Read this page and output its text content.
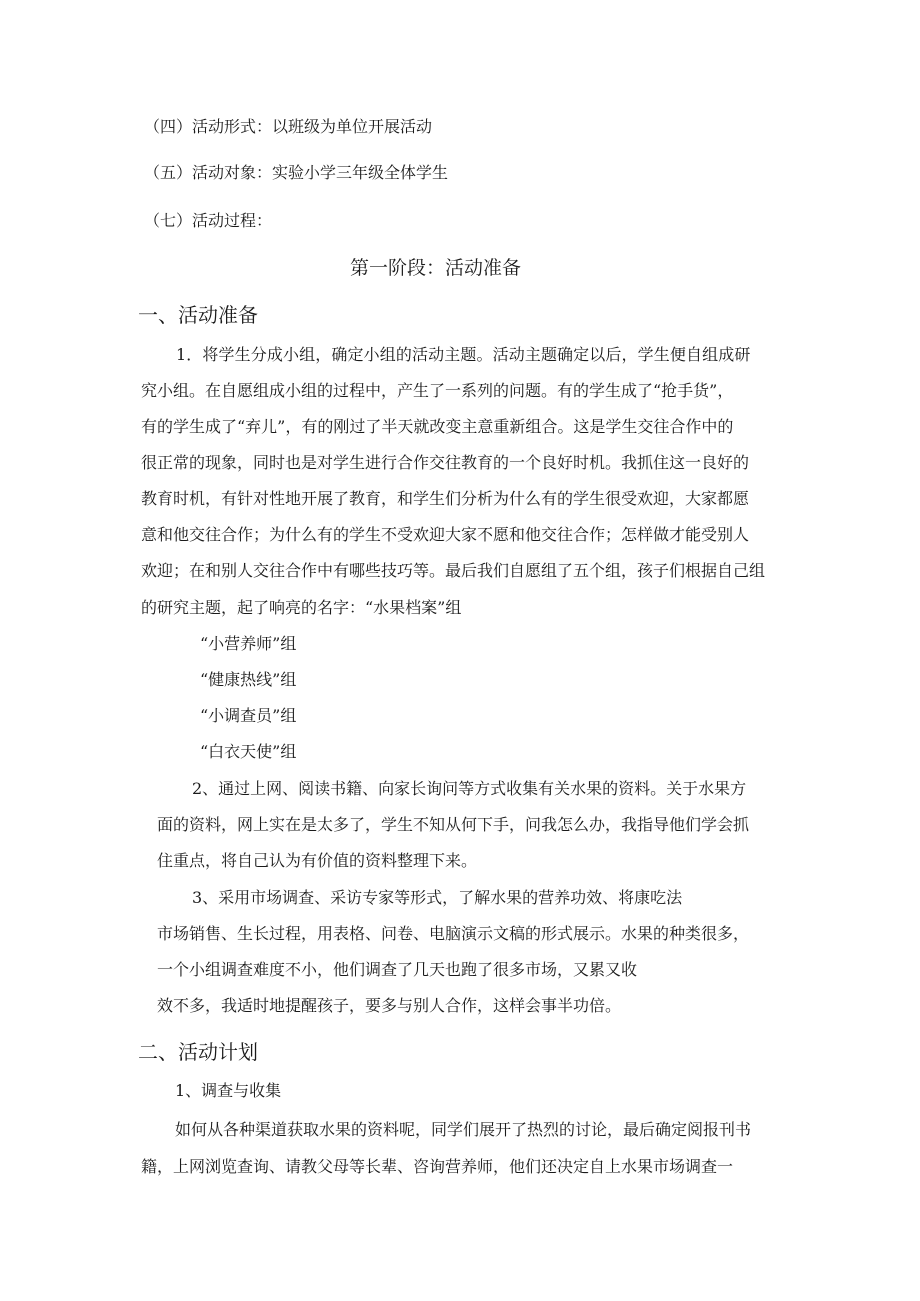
（四）活动形式：以班级为单位开展活动
（五）活动对象：实验小学三年级全体学生
（七）活动过程：
第一阶段：活动准备
一、活动准备
1．将学生分成小组，确定小组的活动主题。活动主题确定以后，学生便自组成研
究小组。在自愿组成小组的过程中，产生了一系列的问题。有的学生成了“抢手货”，
有的学生成了“弃儿”，有的刚过了半天就改变主意重新组合。这是学生交往合作中的
很正常的现象，同时也是对学生进行合作交往教育的一个良好时机。我抓住这一良好的
教育时机，有针对性地开展了教育，和学生们分析为什么有的学生很受欢迎，大家都愿
意和他交往合作；为什么有的学生不受欢迎大家不愿和他交往合作；怎样做才能受别人
欢迎；在和别人交往合作中有哪些技巧等。最后我们自愿组了五个组，孩子们根据自己组
的研究主题，起了响亮的名字：“水果档案”组
“小营养师”组
“健康热线”组
“小调查员”组
“白衣天使”组
2、通过上网、阅读书籍、向家长询问等方式收集有关水果的资料。关于水果方
面的资料，网上实在是太多了，学生不知从何下手，问我怎么办，我指导他们学会抓
住重点，将自己认为有价值的资料整理下来。
3、采用市场调查、采访专家等形式，了解水果的营养功效、将康吃法
市场销售、生长过程，用表格、问卷、电脑演示文稿的形式展示。水果的种类很多，
一个小组调查难度不小，他们调查了几天也跑了很多市场，又累又收
效不多，我适时地提醒孩子，要多与别人合作，这样会事半功倍。
二、活动计划
1、调查与收集
如何从各种渠道获取水果的资料呢，同学们展开了热烈的讨论，最后确定阅报刊书
籍，上网浏览查询、请教父母等长辈、咨询营养师，他们还决定自上水果市场调查一
